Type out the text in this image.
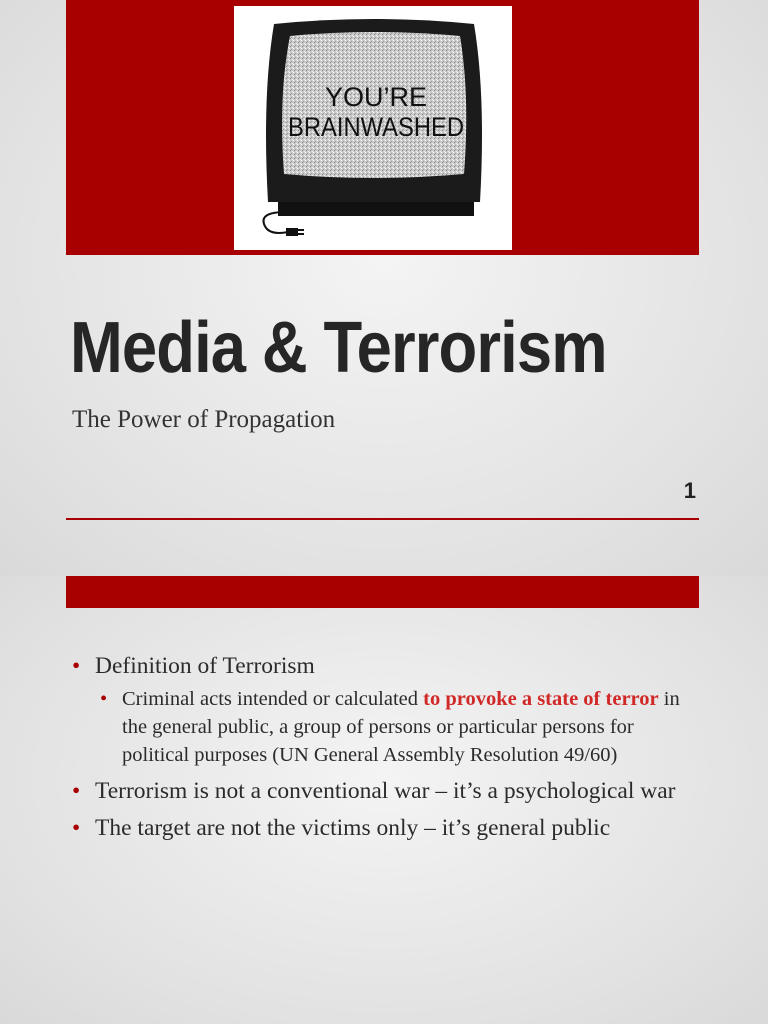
YOU’RE
BRAINWASHED
Media & Terrorism
The Power of Propagation
1
• Definition of Terrorism
• Criminal acts intended or calculated to provoke a state of terror in the general public, a group of persons or particular persons for political purposes (UN General Assembly Resolution 49/60)
• Terrorism is not a conventional war – it’s a psychological war
• The target are not the victims only – it’s general public
